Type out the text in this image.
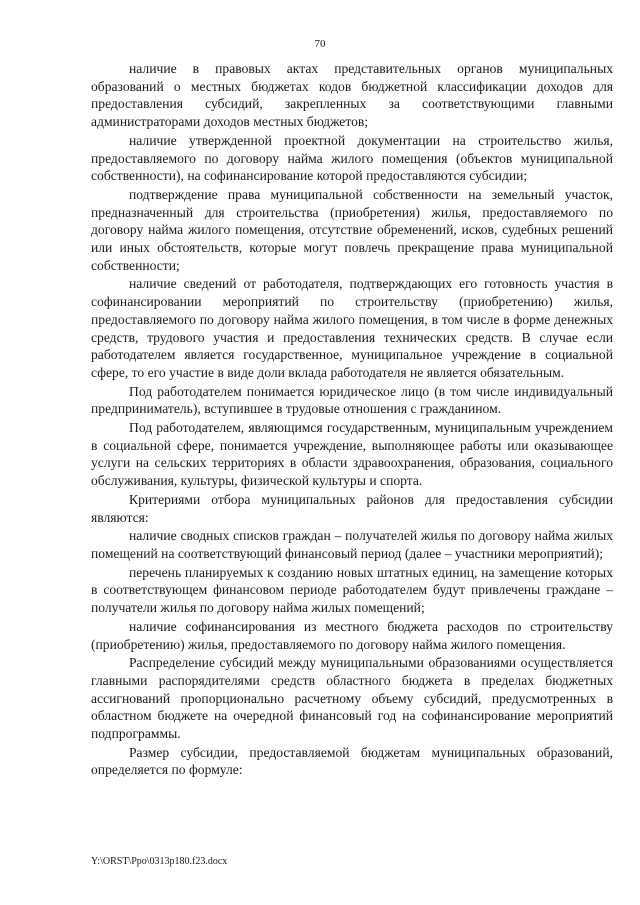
70

наличие в правовых актах представительных органов муниципальных образований о местных бюджетах кодов бюджетной классификации доходов для предоставления субсидий, закрепленных за соответствующими главными администраторами доходов местных бюджетов;

наличие утвержденной проектной документации на строительство жилья, предоставляемого по договору найма жилого помещения (объектов муниципальной собственности), на софинансирование которой предоставляются субсидии;

подтверждение права муниципальной собственности на земельный участок, предназначенный для строительства (приобретения) жилья, предоставляемого по договору найма жилого помещения, отсутствие обременений, исков, судебных решений или иных обстоятельств, которые могут повлечь прекращение права муниципальной собственности;

наличие сведений от работодателя, подтверждающих его готовность участия в софинансировании мероприятий по строительству (приобретению) жилья, предоставляемого по договору найма жилого помещения, в том числе в форме денежных средств, трудового участия и предоставления технических средств. В случае если работодателем является государственное, муниципальное учреждение в социальной сфере, то его участие в виде доли вклада работодателя не является обязательным.

Под работодателем понимается юридическое лицо (в том числе индивидуальный предприниматель), вступившее в трудовые отношения с гражданином.

Под работодателем, являющимся государственным, муниципальным учреждением в социальной сфере, понимается учреждение, выполняющее работы или оказывающее услуги на сельских территориях в области здравоохранения, образования, социального обслуживания, культуры, физической культуры и спорта.

Критериями отбора муниципальных районов для предоставления субсидии являются:

наличие сводных списков граждан – получателей жилья по договору найма жилых помещений на соответствующий финансовый период (далее – участники мероприятий);

перечень планируемых к созданию новых штатных единиц, на замещение которых в соответствующем финансовом периоде работодателем будут привлечены граждане – получатели жилья по договору найма жилых помещений;

наличие софинансирования из местного бюджета расходов по строительству (приобретению) жилья, предоставляемого по договору найма жилого помещения.

Распределение субсидий между муниципальными образованиями осуществляется главными распорядителями средств областного бюджета в пределах бюджетных ассигнований пропорционально расчетному объему субсидий, предусмотренных в областном бюджете на очередной финансовый год на софинансирование мероприятий подпрограммы.

Размер субсидии, предоставляемой бюджетам муниципальных образований, определяется по формуле:

Y:\ORST\Ppo\0313p180.f23.docx
